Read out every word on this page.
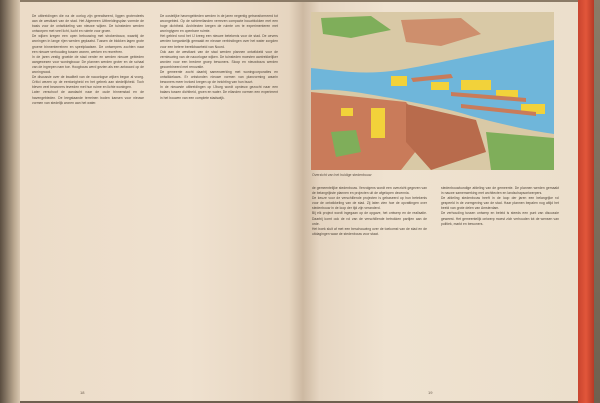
De uitbreidingen die na de oorlog zijn gerealiseerd, liggen grotendeels aan de westkant van de stad. Het Algemeen Uitbreidingsplan vormde de basis voor de ontwikkeling van nieuwe wijken. De tuinsteden werden ontworpen met veel licht, lucht en ruimte voor groen.

De wijken kregen een open bebouwing met strokenbouw, waarbij de woningen in lange rijen werden geplaatst. Tussen de blokken lagen grote groene binnenterreinen en speelplaatsen. De ontwerpers zochten naar een nieuwe verhouding tussen wonen, werken en recreëren.

In de jaren zestig groeide de stad verder en werden nieuwe gebieden aangewezen voor woningbouw. De plannen werden groter en de schaal van de ingrepen nam toe. Hoogbouw werd gezien als een antwoord op de woningnood.

De discussie over de kwaliteit van de naoorlogse wijken begon al vroeg. Critici wezen op de eentonigheid en het gebrek aan stedelijkheid. Toch bleven veel bewoners tevreden met hun ruime en lichte woningen.

Later verschoof de aandacht naar de oude binnenstad en de havengebieden. De leegstaande terreinen boden kansen voor nieuwe vormen van stedelijk wonen aan het water.

De oostelijke havengebieden werden in de jaren negentig getransformeerd tot woongebied. Op de schiereilanden verrezen compacte bouwblokken met een hoge dichtheid. Architecten kregen de ruimte om te experimenteren met woningtypen en openbare ruimte.

Het gebied rond het IJ kreeg een nieuwe betekenis voor de stad. De oevers werden toegankelijk gemaakt en nieuwe verbindingen over het water zorgden voor een betere bereikbaarheid van Noord.

Ook aan de westkant van de stad werden plannen ontwikkeld voor de vernieuwing van de naoorlogse wijken. De tuinsteden moesten aantrekkelijker worden voor een bredere groep bewoners. Sloop en nieuwbouw werden gecombineerd met renovatie.

De gemeente zocht daarbij samenwerking met woningcorporaties en ontwikkelaars. Er ontstonden nieuwe vormen van planvorming waarin bewoners meer invloed kregen op de inrichting van hun buurt.

In de nieuwste uitbreidingen op IJburg wordt opnieuw gezocht naar een balans tussen dichtheid, groen en water. De eilanden vormen een experiment in het bouwen van een complete stadswijk.

18
Overzicht van het huidige stedenbouw

de gemeentelijke stedenbouw. Vervolgens wordt een overzicht gegeven van de belangrijkste plannen en projecten uit de afgelopen decennia.

De keuze voor de verschillende projecten is gebaseerd op hun betekenis voor de ontwikkeling van de stad. Zij laten zien hoe de opvattingen over stedenbouw in de loop der tijd zijn veranderd.

Bij elk project wordt ingegaan op de opgave, het ontwerp en de realisatie. Daarbij komt ook de rol van de verschillende betrokken partijen aan de orde.

Het boek sluit af met een beschouwing over de toekomst van de stad en de uitdagingen waar de stedenbouw voor staat.

stedenbouwkundige afdeling van de gemeente. De plannen werden gemaakt in nauwe samenwerking met architecten en landschapsontwerpers.

De afdeling stedenbouw heeft in de loop der jaren een belangrijke rol gespeeld in de vormgeving van de stad. Haar plannen bepalen nog altijd het beeld van grote delen van Amsterdam.

De verhouding tussen ontwerp en beleid is steeds een punt van discussie geweest. Het gemeentelijk ontwerp moest zich verhouden tot de wensen van politiek, markt en bewoners.

19
